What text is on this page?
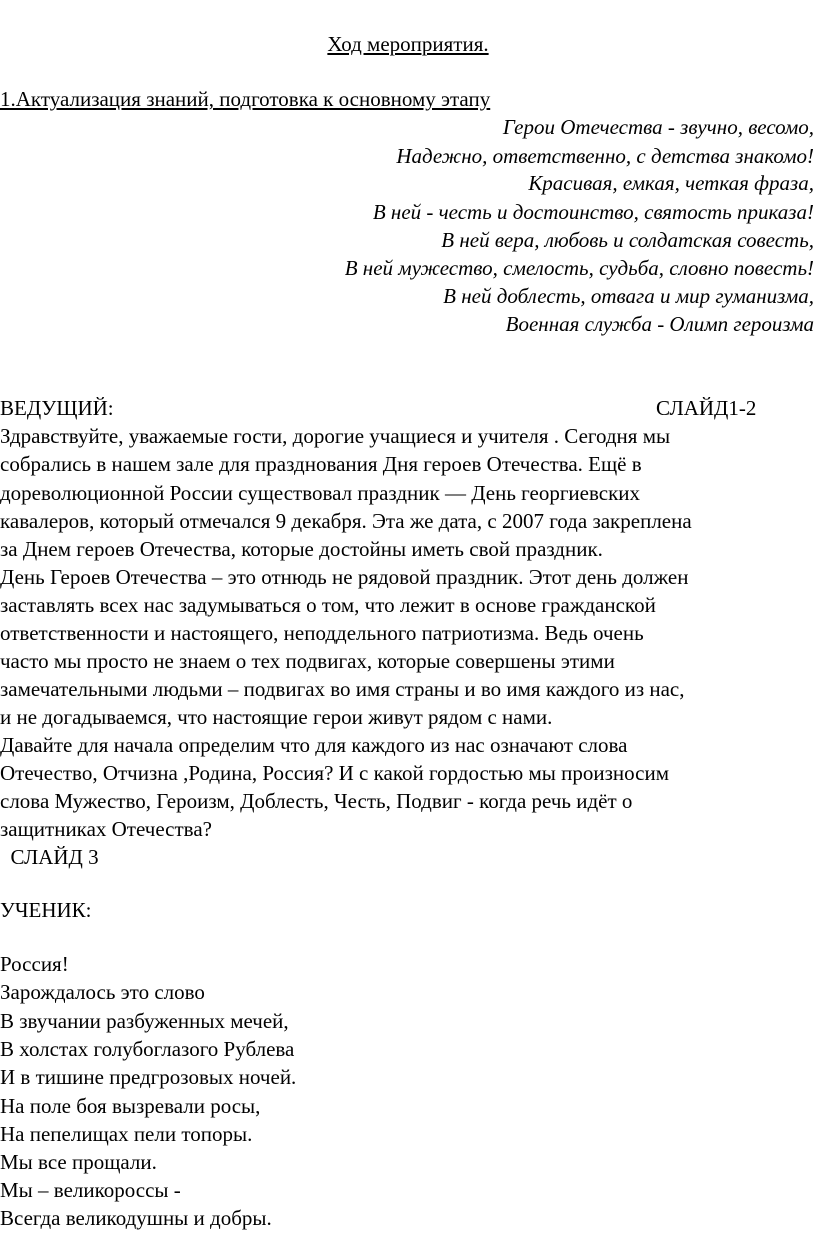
Ход мероприятия.
1.Актуализация знаний, подготовка к основному этапу
Герои Отечества - звучно, весомо,
Надежно, ответственно, с детства знакомо!
Красивая, емкая, четкая фраза,
В ней - честь и достоинство, святость приказа!
В ней вера, любовь и солдатская совесть,
В ней мужество, смелость, судьба, словно повесть!
В ней доблесть, отвага и мир гуманизма,
Военная служба - Олимп героизма
ВЕДУЩИЙ:	СЛАЙД1-2
Здравствуйте, уважаемые гости, дорогие учащиеся и учителя . Сегодня мы
собрались в нашем зале для празднования Дня героев Отечества. Ещё в
дореволюционной России существовал праздник — День георгиевских
кавалеров, который отмечался 9 декабря. Эта же дата, с 2007 года закреплена
за Днем героев Отечества, которые достойны иметь свой праздник.
День Героев Отечества – это отнюдь не рядовой праздник. Этот день должен
заставлять всех нас задумываться о том, что лежит в основе гражданской
ответственности и настоящего, неподдельного патриотизма. Ведь очень
часто мы просто не знаем о тех подвигах, которые совершены этими
замечательными людьми – подвигах во имя страны и во имя каждого из нас,
и не догадываемся, что настоящие герои живут рядом с нами.
Давайте для начала определим что для каждого из нас означают слова
Отечество, Отчизна ,Родина, Россия? И с какой гордостью мы произносим
слова Мужество, Героизм, Доблесть, Честь, Подвиг - когда речь идёт о
защитниках Отечества?
СЛАЙД 3
УЧЕНИК:
Россия!
Зарождалось это слово
В звучании разбуженных мечей,
В холстах голубоглазого Рублева
И в тишине предгрозовых ночей.
На поле боя вызревали росы,
На пепелищах пели топоры.
Мы все прощали.
Мы – великороссы -
Всегда великодушны и добры.
